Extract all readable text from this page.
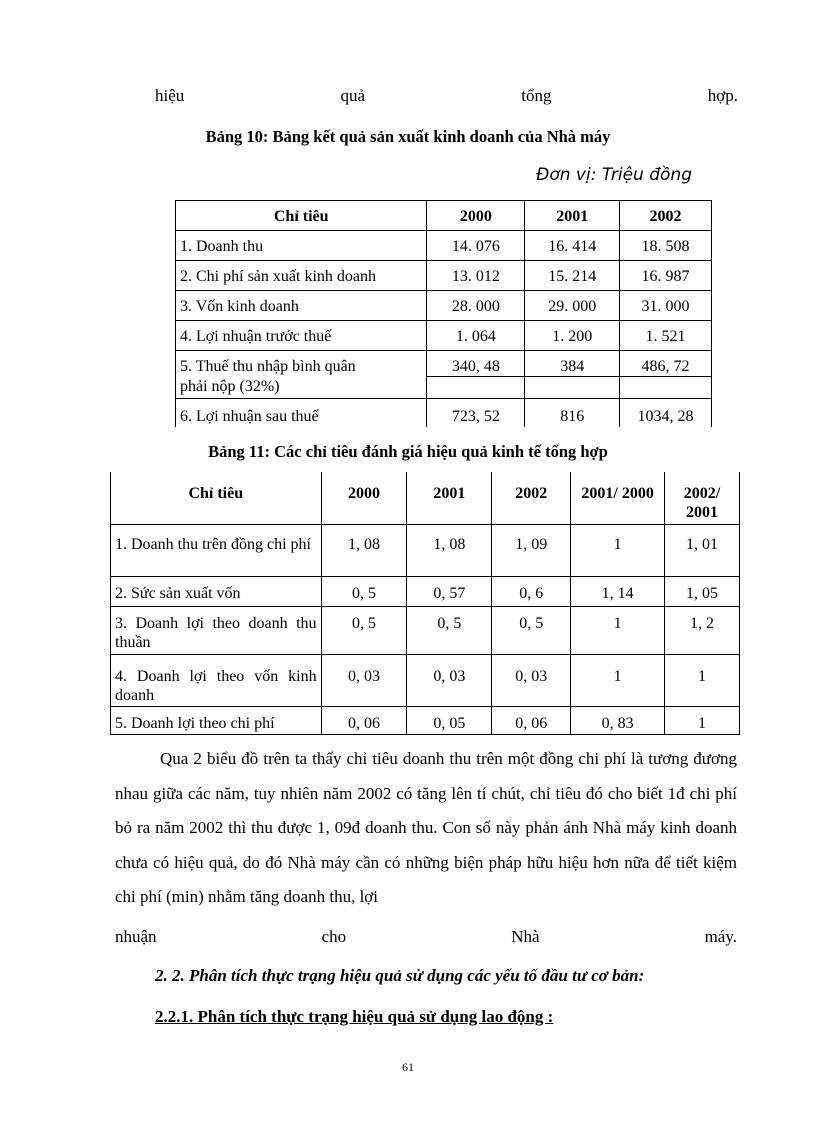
hiệu	quả	tổng	hợp.
Bảng 10: Bảng kết quả sản xuất kinh doanh của Nhà máy
Đơn vị: Triệu đồng
Chỉ tiêu	2000	2001	2002
1. Doanh thu	14. 076	16. 414	18. 508
2. Chi phí sản xuất kinh doanh	13. 012	15. 214	16. 987
3. Vốn kinh doanh	28. 000	29. 000	31. 000
4. Lợi nhuận trước thuế	1. 064	1. 200	1. 521
5. Thuế thu nhập bình quân	340, 48	384	486, 72
phải nộp (32%)			
6. Lợi nhuận sau thuế	723, 52	816	1034, 28
Bảng 11: Các chỉ tiêu đánh giá hiệu quả kinh tế tổng hợp
Chỉ tiêu	2000	2001	2002	2001/ 2000	2002/ 2001
1. Doanh thu trên đồng chi phí	1, 08	1, 08	1, 09	1	1, 01
2. Sức sản xuất vốn	0, 5	0, 57	0, 6	1, 14	1, 05
3. Doanh lợi theo doanh thu thuần	0, 5	0, 5	0, 5	1	1, 2
4. Doanh lợi theo vốn kinh doanh	0, 03	0, 03	0, 03	1	1
5. Doanh lợi theo chi phí	0, 06	0, 05	0, 06	0, 83	1
Qua 2 biểu đồ trên ta thấy chỉ tiêu doanh thu trên một đồng chi phí là tương đương nhau giữa các năm, tuy nhiên năm 2002 có tăng lên tí chút, chỉ tiêu đó cho biết 1đ chi phí bỏ ra năm 2002 thì thu được 1, 09đ doanh thu. Con số này phản ánh Nhà máy kinh doanh chưa có hiệu quả, do đó Nhà máy cần có những biện pháp hữu hiệu hơn nữa để tiết kiệm chi phí (min) nhằm tăng doanh thu, lợi
nhuận	cho	Nhà	máy.
2. 2. Phân tích thực trạng hiệu quả sử dụng các yếu tố đầu tư cơ bản:
2.2.1. Phân tích thực trạng hiệu quả sử dụng lao động :
61
